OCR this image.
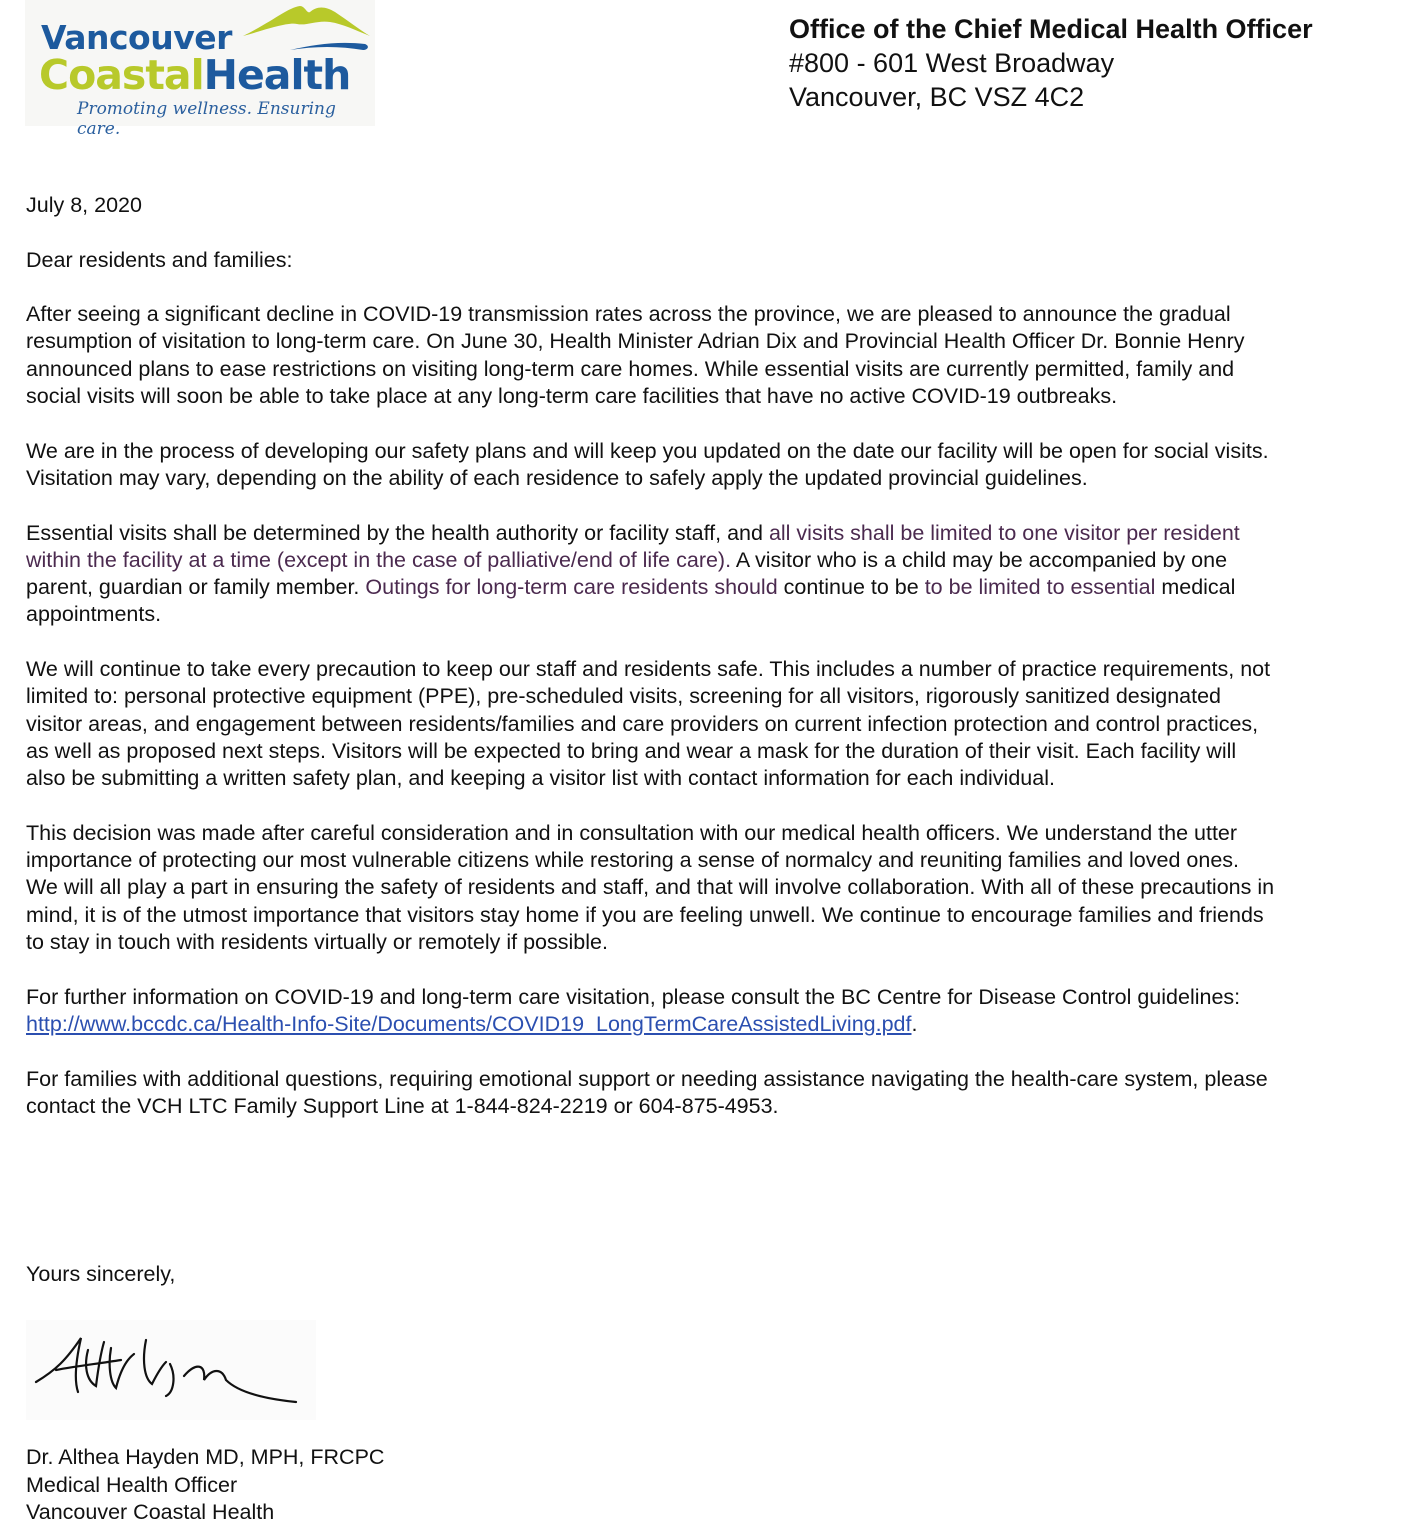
Vancouver
CoastalHealth
Promoting wellness. Ensuring care.
Office of the Chief Medical Health Officer
#800 - 601 West Broadway
Vancouver, BC VSZ 4C2

July 8, 2020

Dear residents and families:

After seeing a significant decline in COVID-19 transmission rates across the province, we are pleased to announce the gradual resumption of visitation to long-term care. On June 30, Health Minister Adrian Dix and Provincial Health Officer Dr. Bonnie Henry announced plans to ease restrictions on visiting long-term care homes. While essential visits are currently permitted, family and social visits will soon be able to take place at any long-term care facilities that have no active COVID-19 outbreaks.

We are in the process of developing our safety plans and will keep you updated on the date our facility will be open for social visits. Visitation may vary, depending on the ability of each residence to safely apply the updated provincial guidelines.

Essential visits shall be determined by the health authority or facility staff, and all visits shall be limited to one visitor per resident within the facility at a time (except in the case of palliative/end of life care). A visitor who is a child may be accompanied by one parent, guardian or family member. Outings for long-term care residents should continue to be to be limited to essential medical appointments.

We will continue to take every precaution to keep our staff and residents safe. This includes a number of practice requirements, not limited to: personal protective equipment (PPE), pre-scheduled visits, screening for all visitors, rigorously sanitized designated visitor areas, and engagement between residents/families and care providers on current infection protection and control practices, as well as proposed next steps. Visitors will be expected to bring and wear a mask for the duration of their visit. Each facility will also be submitting a written safety plan, and keeping a visitor list with contact information for each individual.

This decision was made after careful consideration and in consultation with our medical health officers. We understand the utter importance of protecting our most vulnerable citizens while restoring a sense of normalcy and reuniting families and loved ones. We will all play a part in ensuring the safety of residents and staff, and that will involve collaboration. With all of these precautions in mind, it is of the utmost importance that visitors stay home if you are feeling unwell. We continue to encourage families and friends to stay in touch with residents virtually or remotely if possible.

For further information on COVID-19 and long-term care visitation, please consult the BC Centre for Disease Control guidelines: http://www.bccdc.ca/Health-Info-Site/Documents/COVID19_LongTermCareAssistedLiving.pdf.

For families with additional questions, requiring emotional support or needing assistance navigating the health-care system, please contact the VCH LTC Family Support Line at 1-844-824-2219 or 604-875-4953.

Yours sincerely,
Dr. Althea Hayden MD, MPH, FRCPC
Medical Health Officer
Vancouver Coastal Health
